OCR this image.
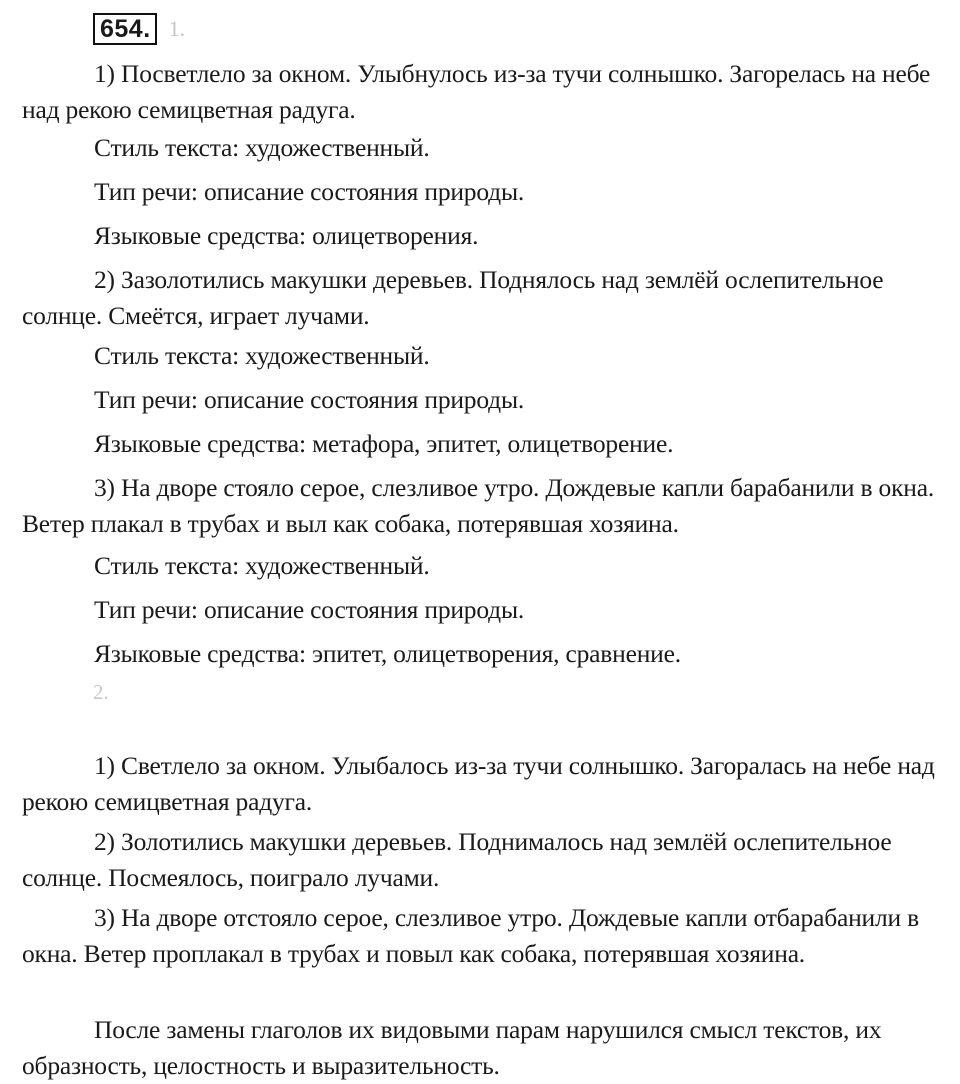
654. 1.

1) Посветлело за окном. Улыбнулось из-за тучи солнышко. Загорелась на небе над рекою семицветная радуга.

Стиль текста: художественный.
Тип речи: описание состояния природы.
Языковые средства: олицетворения.

2) Зазолотились макушки деревьев. Поднялось над землёй ослепительное солнце. Смеётся, играет лучами.

Стиль текста: художественный.
Тип речи: описание состояния природы.
Языковые средства: метафора, эпитет, олицетворение.

3) На дворе стояло серое, слезливое утро. Дождевые капли барабанили в окна. Ветер плакал в трубах и выл как собака, потерявшая хозяина.

Стиль текста: художественный.
Тип речи: описание состояния природы.
Языковые средства: эпитет, олицетворения, сравнение.
2.

1) Светлело за окном. Улыбалось из-за тучи солнышко. Загоралась на небе над рекою семицветная радуга.

2) Золотились макушки деревьев. Поднималось над землёй ослепительное солнце. Посмеялось, поиграло лучами.

3) На дворе отстояло серое, слезливое утро. Дождевые капли отбарабанили в окна. Ветер проплакал в трубах и повыл как собака, потерявшая хозяина.

После замены глаголов их видовыми парам нарушился смысл текстов, их образность, целостность и выразительность.
